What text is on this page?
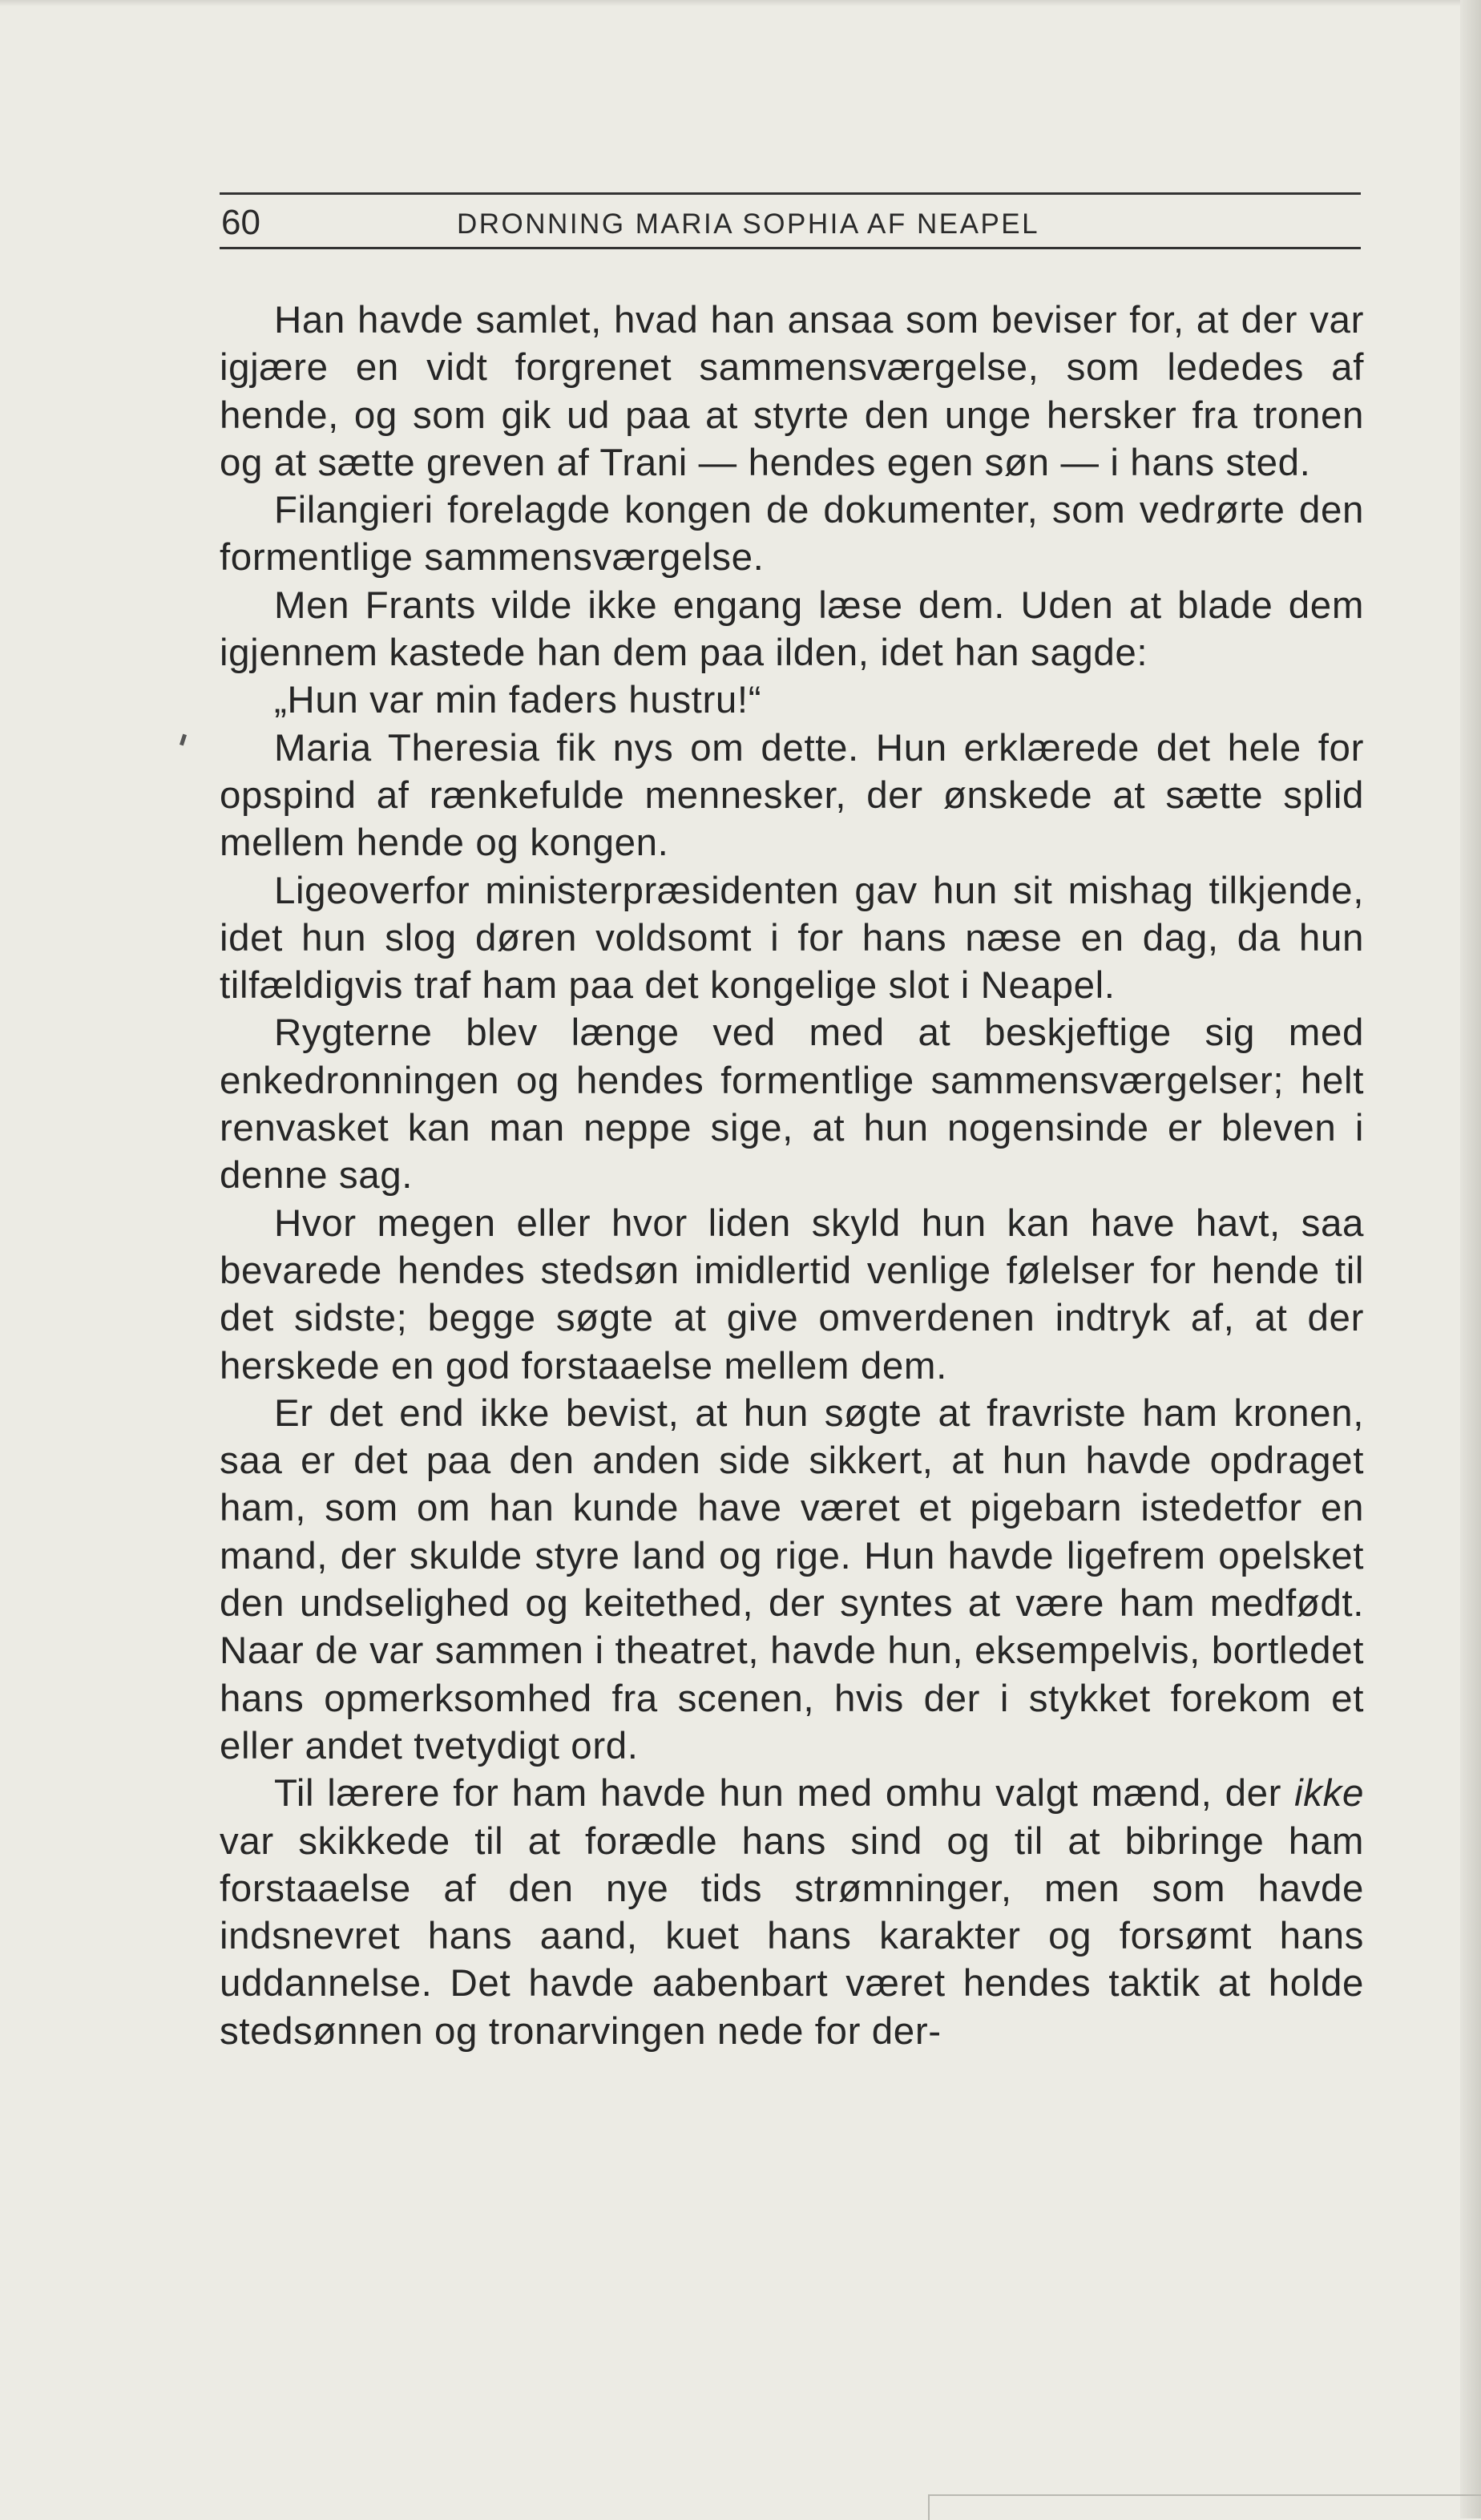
60	DRONNING MARIA SOPHIA AF NEAPEL

Han havde samlet, hvad han ansaa som beviser for, at der var igjære en vidt forgrenet sammensværgelse, som lededes af hende, og som gik ud paa at styrte den unge hersker fra tronen og at sætte greven af Trani — hendes egen søn — i hans sted.

Filangieri forelagde kongen de dokumenter, som vedrørte den formentlige sammensværgelse.

Men Frants vilde ikke engang læse dem. Uden at blade dem igjennem kastede han dem paa ilden, idet han sagde:

„Hun var min faders hustru!“

Maria Theresia fik nys om dette. Hun erklærede det hele for opspind af rænkefulde mennesker, der ønskede at sætte splid mellem hende og kongen.

Ligeoverfor ministerpræsidenten gav hun sit mishag tilkjende, idet hun slog døren voldsomt i for hans næse en dag, da hun tilfældigvis traf ham paa det kongelige slot i Neapel.

Rygterne blev længe ved med at beskjeftige sig med enkedronningen og hendes formentlige sammensværgelser; helt renvasket kan man neppe sige, at hun nogensinde er bleven i denne sag.

Hvor megen eller hvor liden skyld hun kan have havt, saa bevarede hendes stedsøn imidlertid venlige følelser for hende til det sidste; begge søgte at give omverdenen indtryk af, at der herskede en god forstaaelse mellem dem.

Er det end ikke bevist, at hun søgte at fravriste ham kronen, saa er det paa den anden side sikkert, at hun havde opdraget ham, som om han kunde have været et pigebarn istedetfor en mand, der skulde styre land og rige. Hun havde ligefrem opelsket den undselighed og keitethed, der syntes at være ham medfødt. Naar de var sammen i theatret, havde hun, eksempelvis, bortledet hans opmerksomhed fra scenen, hvis der i stykket forekom et eller andet tvetydigt ord.

Til lærere for ham havde hun med omhu valgt mænd, der ikke var skikkede til at forædle hans sind og til at bibringe ham forstaaelse af den nye tids strømninger, men som havde indsnevret hans aand, kuet hans karakter og forsømt hans uddannelse. Det havde aabenbart været hendes taktik at holde stedsønnen og tronarvingen nede for der-
